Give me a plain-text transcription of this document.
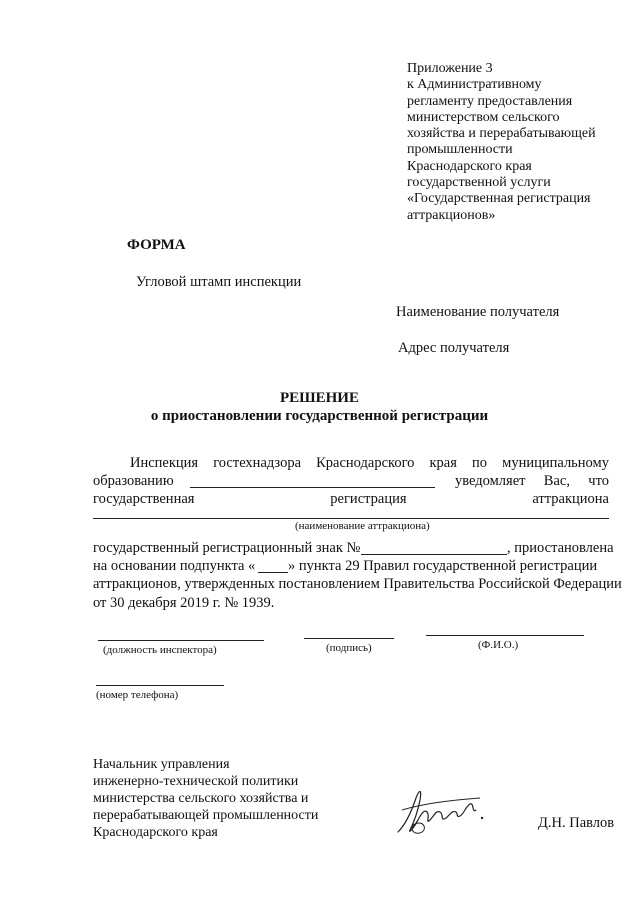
Приложение 3
к Административному
регламенту предоставления
министерством сельского
хозяйства и перерабатывающей
промышленности
Краснодарского края
государственной услуги
«Государственная регистрация
аттракционов»
ФОРМА
Угловой штамп инспекции
Наименование получателя
Адрес получателя
РЕШЕНИЕ
о приостановлении государственной регистрации
Инспекция гостехнадзора Краснодарского края по муниципальному
образованию	уведомляет Вас, что
государственная	регистрация	аттракциона
(наименование аттракциона)
государственный регистрационный знак №	, приостановлена
на основании подпункта « » пункта 29 Правил государственной регистрации
аттракционов, утвержденных постановлением Правительства Российской Федерации
от 30 декабря 2019 г. № 1939.
(должность инспектора)	(подпись)	(Ф.И.О.)
(номер телефона)
Начальник управления
инженерно-технической политики
министерства сельского хозяйства и
перерабатывающей промышленности
Краснодарского края
Д.Н. Павлов
